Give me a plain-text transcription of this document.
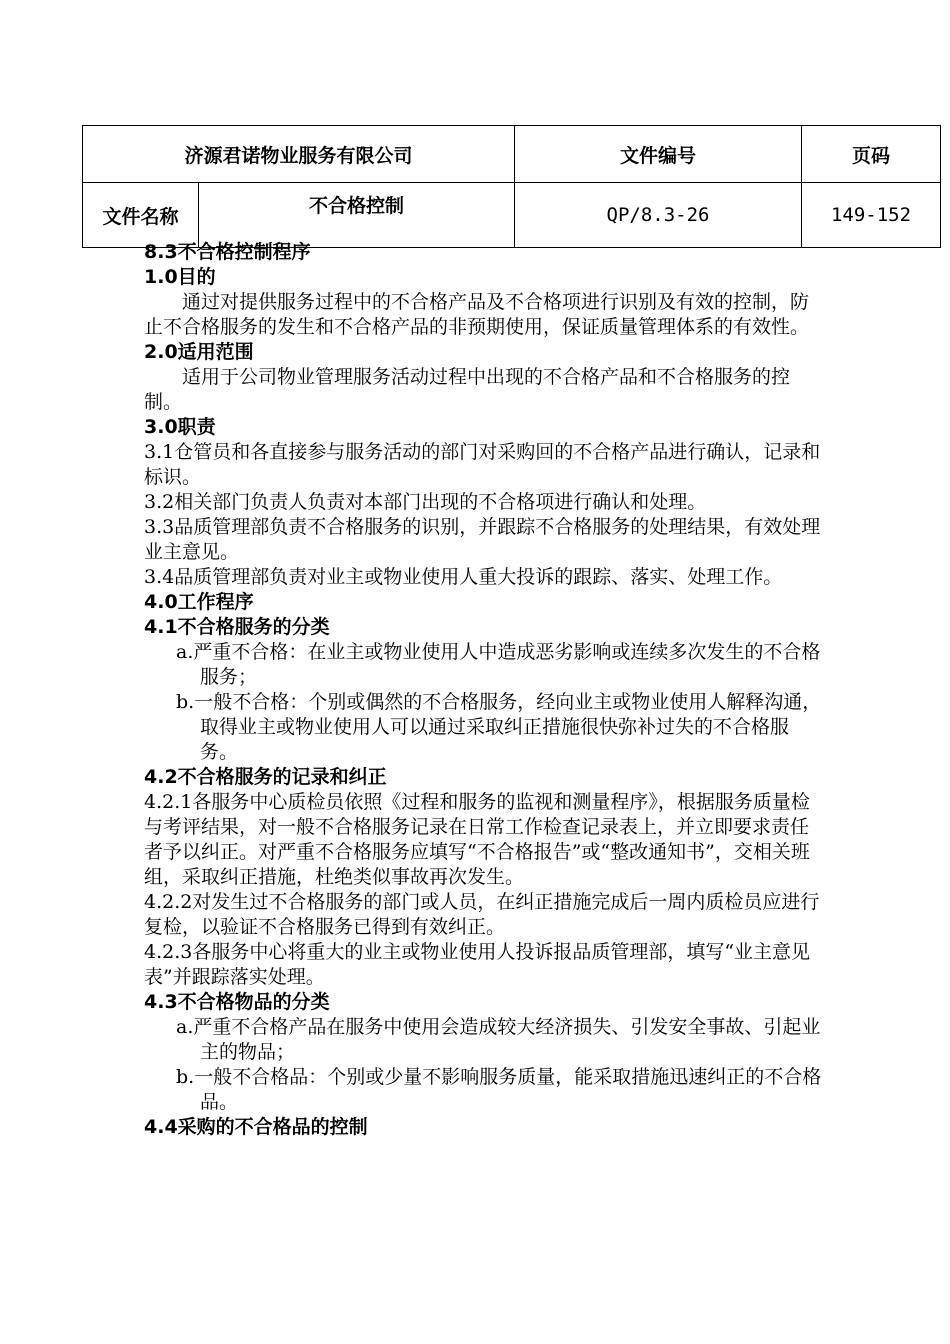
济源君诺物业服务有限公司		文件编号	页码
文件名称	不合格控制	QP/8.3-26	149-152

8.3不合格控制程序

1.0目的

通过对提供服务过程中的不合格产品及不合格项进行识别及有效的控制，防止不合格服务的发生和不合格产品的非预期使用，保证质量管理体系的有效性。

2.0适用范围

适用于公司物业管理服务活动过程中出现的不合格产品和不合格服务的控制。

3.0职责

3.1仓管员和各直接参与服务活动的部门对采购回的不合格产品进行确认，记录和标识。

3.2相关部门负责人负责对本部门出现的不合格项进行确认和处理。

3.3品质管理部负责不合格服务的识别，并跟踪不合格服务的处理结果，有效处理业主意见。

3.4品质管理部负责对业主或物业使用人重大投诉的跟踪、落实、处理工作。

4.0工作程序

4.1不合格服务的分类

a.严重不合格：在业主或物业使用人中造成恶劣影响或连续多次发生的不合格服务；

b.一般不合格：个别或偶然的不合格服务，经向业主或物业使用人解释沟通，取得业主或物业使用人可以通过采取纠正措施很快弥补过失的不合格服务。

4.2不合格服务的记录和纠正

4.2.1各服务中心质检员依照《过程和服务的监视和测量程序》，根据服务质量检与考评结果，对一般不合格服务记录在日常工作检查记录表上，并立即要求责任者予以纠正。对严重不合格服务应填写“不合格报告”或“整改通知书”，交相关班组，采取纠正措施，杜绝类似事故再次发生。

4.2.2对发生过不合格服务的部门或人员，在纠正措施完成后一周内质检员应进行复检，以验证不合格服务已得到有效纠正。

4.2.3各服务中心将重大的业主或物业使用人投诉报品质管理部，填写“业主意见表”并跟踪落实处理。

4.3不合格物品的分类

a.严重不合格产品在服务中使用会造成较大经济损失、引发安全事故、引起业主的物品；

b.一般不合格品：个别或少量不影响服务质量，能采取措施迅速纠正的不合格品。

4.4采购的不合格品的控制
